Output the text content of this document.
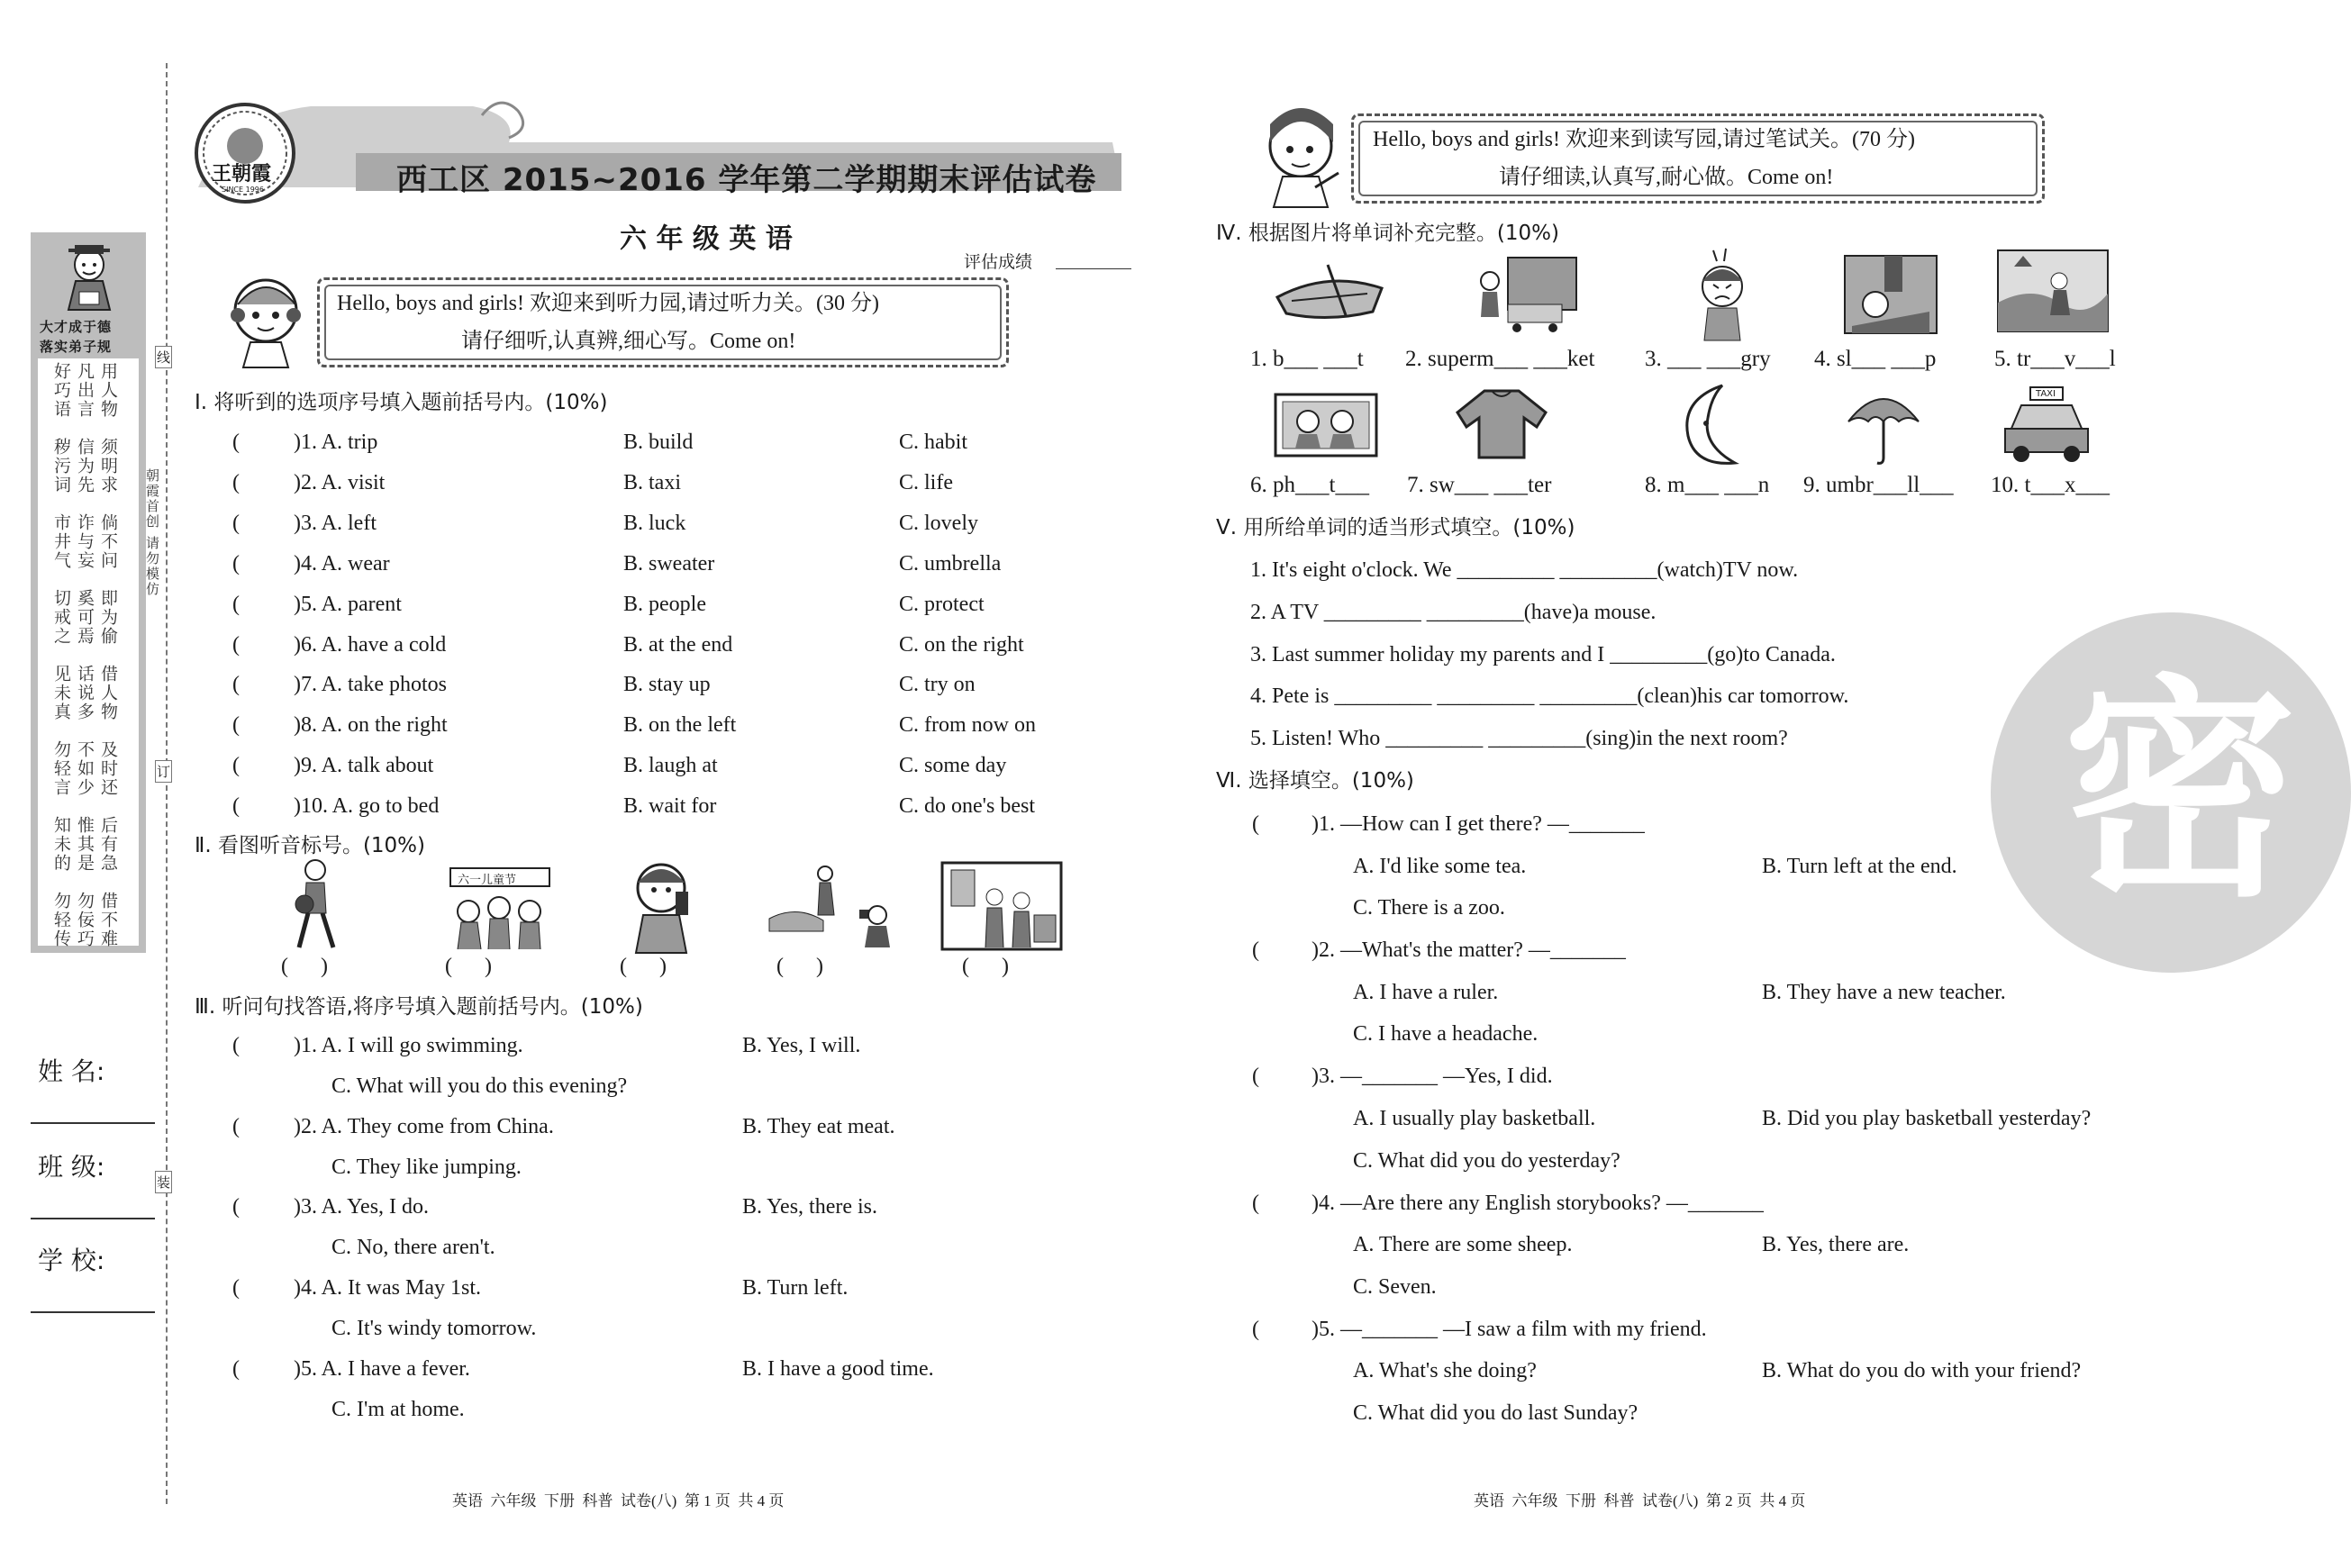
大才成于德
落实弟子规
好巧语 凡出言 用人物
秽污词 信为先 须明求
市井气 诈与妄 倘不问
切戒之 奚可焉 即为偷
见未真 话说多 借人物
勿轻言 不如少 及时还
知未的 惟其是 后有急
勿轻传 勿佞巧 借不难
朝霞首创 请勿模仿
线
订
装
姓 名:
班 级:
学 校:
王朝霞
SINCE 1996	西工区 2015~2016 学年第二学期期末评估试卷
六 年 级 英 语
评估成绩
Hello, boys and girls! 欢迎来到听力园,请过听力关。(30 分)
请仔细听,认真辨,细心写。Come on!
Ⅰ. 将听到的选项序号填入题前括号内。(10%)
(	)1. A. trip	B. build	C. habit
(	)2. A. visit	B. taxi	C. life
(	)3. A. left	B. luck	C. lovely
(	)4. A. wear	B. sweater	C. umbrella
(	)5. A. parent	B. people	C. protect
(	)6. A. have a cold	B. at the end	C. on the right
(	)7. A. take photos	B. stay up	C. try on
(	)8. A. on the right	B. on the left	C. from now on
(	)9. A. talk about	B. laugh at	C. some day
(	)10. A. go to bed	B. wait for	C. do one's best
Ⅱ. 看图听音标号。(10%)
六一儿童节
(      )	(      )	(      )	(      )	(      )
Ⅲ. 听问句找答语,将序号填入题前括号内。(10%)
(	)1. A. I will go swimming.	B. Yes, I will.
C. What will you do this evening?
(	)2. A. They come from China.	B. They eat meat.
C. They like jumping.
(	)3. A. Yes, I do.	B. Yes, there is.
C. No, there aren't.
(	)4. A. It was May 1st.	B. Turn left.
C. It's windy tomorrow.
(	)5. A. I have a fever.	B. I have a good time.
C. I'm at home.
英语  六年级  下册  科普  试卷(八)  第 1 页  共 4 页
密
Hello, boys and girls! 欢迎来到读写园,请过笔试关。(70 分)
请仔细读,认真写,耐心做。Come on!
Ⅳ. 根据图片将单词补充完整。(10%)
1. b___ ___t 2. superm___ ___ket 3. ___ ___gry 4. sl___ ___p	5. tr___v___l
TAXI
6. ph___t___ 7. sw___ ___ter	8. m___ ___n 9. umbr___ll___ 10. t___x___
Ⅴ. 用所给单词的适当形式填空。(10%)
1. It's eight o'clock. We _________ _________(watch)TV now.
2. A TV _________ _________(have)a mouse.
3. Last summer holiday my parents and I _________(go)to Canada.
4. Pete is _________ _________ _________(clean)his car tomorrow.
5. Listen! Who _________ _________(sing)in the next room?
Ⅵ. 选择填空。(10%)
( )1. —How can I get there? —_______
A. I'd like some tea.	B. Turn left at the end.
C. There is a zoo.
( )2. —What's the matter? —_______
A. I have a ruler.	B. They have a new teacher.
C. I have a headache.
( )3. —_______ —Yes, I did.
A. I usually play basketball.	B. Did you play basketball yesterday?
C. What did you do yesterday?
( )4. —Are there any English storybooks? —_______
A. There are some sheep.	B. Yes, there are.
C. Seven.
( )5. —_______ —I saw a film with my friend.
A. What's she doing?	B. What do you do with your friend?
C. What did you do last Sunday?
英语  六年级  下册  科普  试卷(八)  第 2 页  共 4 页
